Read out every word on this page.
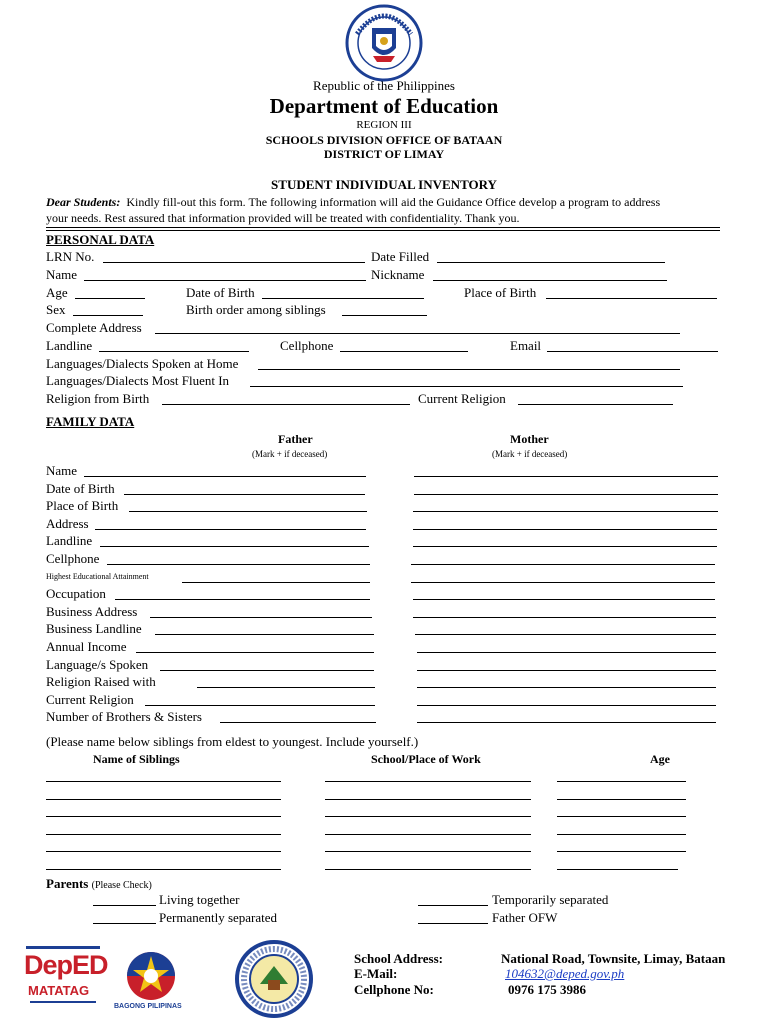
Republic of the Philippines
Department of Education
REGION III
SCHOOLS DIVISION OFFICE OF BATAAN
DISTRICT OF LIMAY
STUDENT INDIVIDUAL INVENTORY
Dear Students: Kindly fill-out this form. The following information will aid the Guidance Office develop a program to address
your needs. Rest assured that information provided will be treated with confidentiality. Thank you.
PERSONAL DATA
LRN No.	Date Filled
Name	Nickname
Age	Date of Birth	Place of Birth
Sex	Birth order among siblings
Complete Address
Landline	Cellphone	Email
Languages/Dialects Spoken at Home
Languages/Dialects Most Fluent In
Religion from Birth	Current Religion
FAMILY DATA
Father
(Mark + if deceased)
Mother
(Mark + if deceased)
Name
Date of Birth
Place of Birth
Address
Landline
Cellphone
Highest Educational Attainment
Occupation
Business Address
Business Landline
Annual Income
Language/s Spoken
Religion Raised with
Current Religion
Number of Brothers & Sisters
(Please name below siblings from eldest to youngest. Include yourself.)
Name of Siblings	School/Place of Work	Age
Parents (Please Check)
Living together	Temporarily separated
Permanently separated	Father OFW
DepED
MATATAG
BAGONG PILIPINAS
School Address:	National Road, Townsite, Limay, Bataan
E-Mail:	104632@deped.gov.ph
Cellphone No:	0976 175 3986
